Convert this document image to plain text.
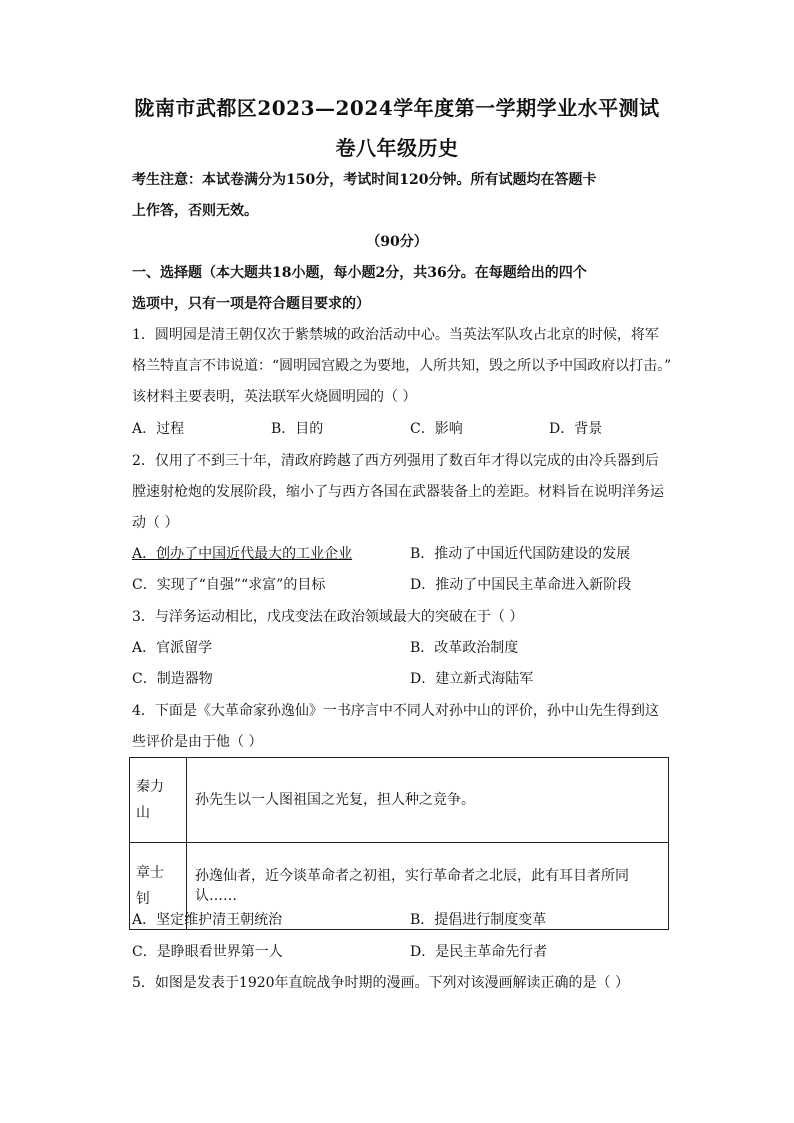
陇南市武都区2023—2024学年度第一学期学业水平测试
卷八年级历史
考生注意：本试卷满分为150分，考试时间120分钟。所有试题均在答题卡
上作答，否则无效。
（90分）
一、选择题（本大题共18小题，每小题2分，共36分。在每题给出的四个
选项中，只有一项是符合题目要求的）
1．圆明园是清王朝仅次于紫禁城的政治活动中心。当英法军队攻占北京的时候，将军
格兰特直言不讳说道：“圆明园宫殿之为要地，人所共知，毁之所以予中国政府以打击。”
该材料主要表明，英法联军火烧圆明园的（ ）
A．过程	B．目的	C．影响	D．背景
2．仅用了不到三十年，清政府跨越了西方列强用了数百年才得以完成的由冷兵器到后
膛速射枪炮的发展阶段，缩小了与西方各国在武器装备上的差距。材料旨在说明洋务运
动（ ）
A．创办了中国近代最大的工业企业	B．推动了中国近代国防建设的发展
C．实现了“自强”“求富”的目标	D．推动了中国民主革命进入新阶段
3．与洋务运动相比，戊戌变法在政治领域最大的突破在于（ ）
A．官派留学	B．改革政治制度
C．制造器物	D．建立新式海陆军
4．下面是《大革命家孙逸仙》一书序言中不同人对孙中山的评价，孙中山先生得到这
些评价是由于他（ ）
秦力
山	孙先生以一人图祖国之光复，担人种之竞争。
章士
钊	孙逸仙者，近今谈革命者之初祖，实行革命者之北辰，此有耳目者所同认……
A．坚定维护清王朝统治	B．提倡进行制度变革
C．是睁眼看世界第一人	D．是民主革命先行者
5．如图是发表于1920年直皖战争时期的漫画。下列对该漫画解读正确的是（ ）
